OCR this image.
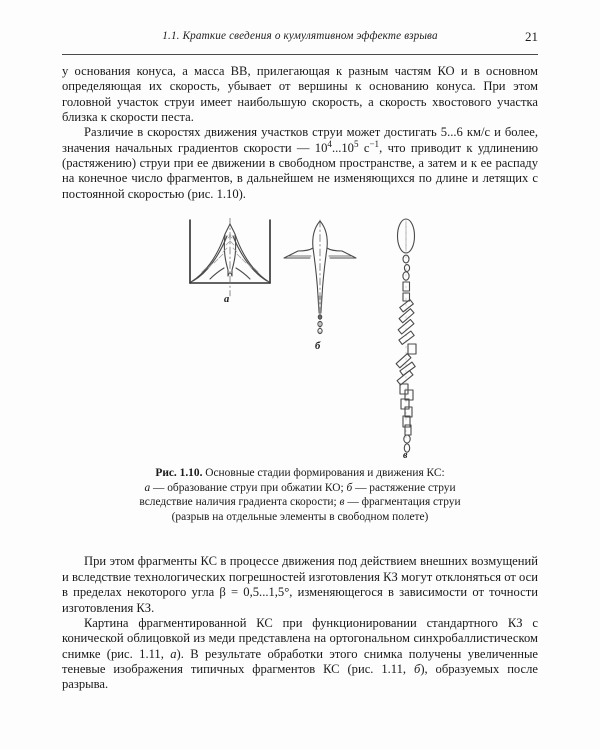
1.1. Краткие сведения о кумулятивном эффекте взрыва	21

у основания конуса, а масса ВВ, прилегающая к разным частям КО и в основном определяющая их скорость, убывает от вершины к основанию конуса. При этом головной участок струи имеет наибольшую скорость, а скорость хвостового участка близка к скорости песта.

Различие в скоростях движения участков струи может достигать 5...6 км/с и более, значения начальных градиентов скорости — $10^4...10^5$ $с^{-1}$, что приводит к удлинению (растяжению) струи при ее движении в свободном пространстве, а затем и к ее распаду на конечное число фрагментов, в дальнейшем не изменяющихся по длине и летящих с постоянной скоростью (рис. 1.10).

а
б
в
Рис. 1.10. Основные стадии формирования и движения КС:
а — образование струи при обжатии КО; б — растяжение струи
вследствие наличия градиента скорости; в — фрагментация струи
(разрыв на отдельные элементы в свободном полете)

При этом фрагменты КС в процессе движения под действием внешних возмущений и вследствие технологических погрешностей изготовления КЗ могут отклоняться от оси в пределах некоторого угла β = 0,5...1,5°, изменяющегося в зависимости от точности изготовления КЗ.

Картина фрагментированной КС при функционировании стандартного КЗ с конической облицовкой из меди представлена на ортогональном синхробаллистическом снимке (рис. 1.11, а). В результате обработки этого снимка получены увеличенные теневые изображения типичных фрагментов КС (рис. 1.11, б), образуемых после разрыва.
